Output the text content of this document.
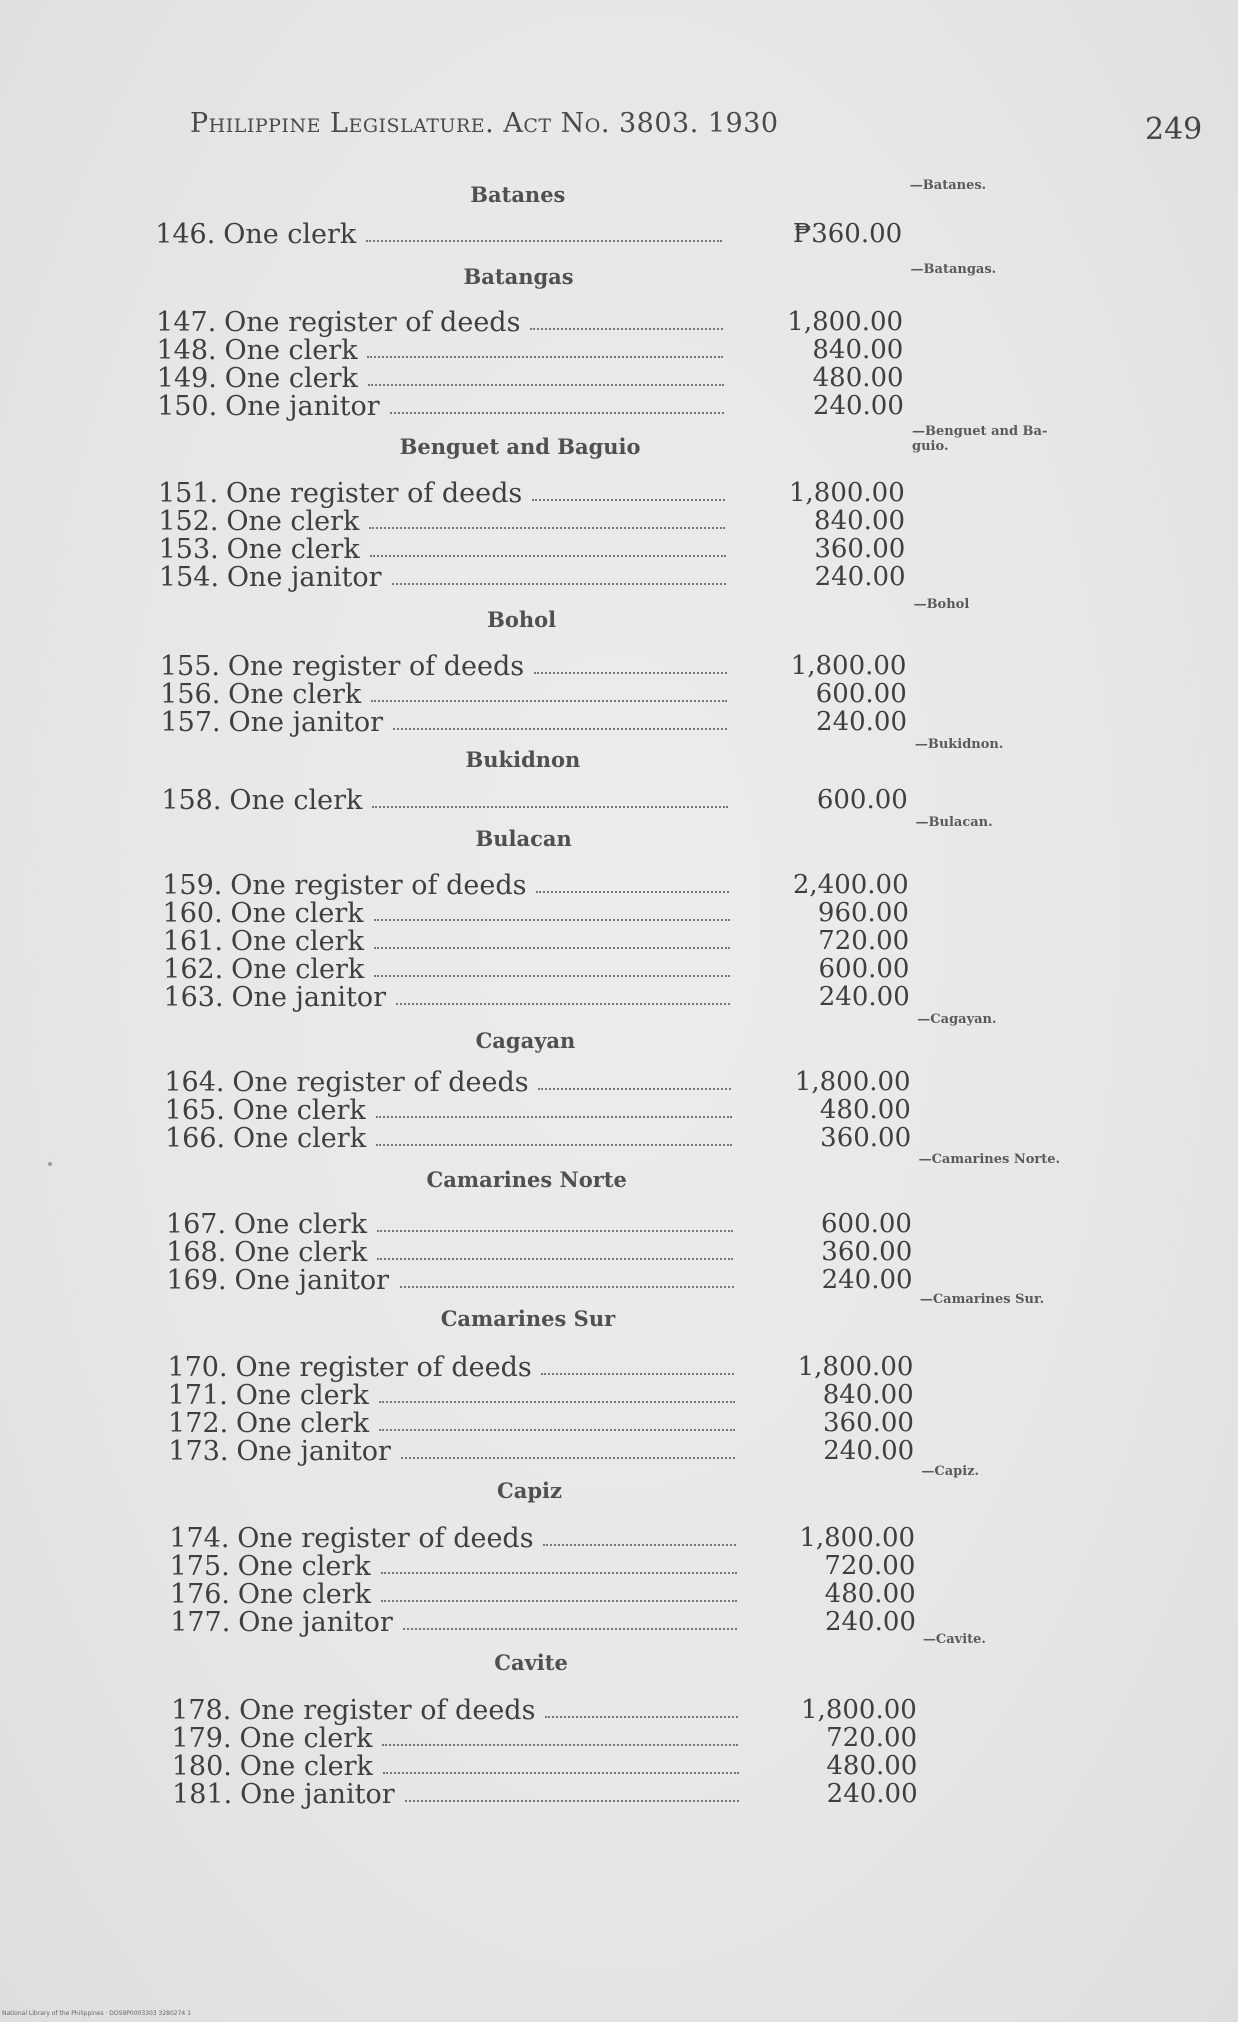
Philippine Legislature. Act No. 3803. 1930	249
Batanes	—Batanes.
146. One clerk	₱360.00
Batangas	—Batangas.
147. One register of deeds	1,800.00
148. One clerk	840.00
149. One clerk	480.00
150. One janitor	240.00
Benguet and Baguio
—Benguet and Ba-
guio.
151. One register of deeds	1,800.00
152. One clerk	840.00
153. One clerk	360.00
154. One janitor	240.00
Bohol
—Bohol
155. One register of deeds	1,800.00
156. One clerk	600.00
157. One janitor	240.00
Bukidnon
—Bukidnon.
158. One clerk	600.00
Bulacan
—Bulacan.
159. One register of deeds	2,400.00
160. One clerk	960.00
161. One clerk	720.00
162. One clerk	600.00
163. One janitor	240.00
Cagayan
—Cagayan.
164. One register of deeds	1,800.00
165. One clerk	480.00
166. One clerk	360.00
Camarines Norte
—Camarines Norte.
167. One clerk	600.00
168. One clerk	360.00
169. One janitor	240.00
Camarines Sur
—Camarines Sur.
170. One register of deeds	1,800.00
171. One clerk	840.00
172. One clerk	360.00
173. One janitor	240.00
Capiz
—Capiz.
174. One register of deeds	1,800.00
175. One clerk	720.00
176. One clerk	480.00
177. One janitor	240.00
Cavite
—Cavite.
178. One register of deeds	1,800.00
179. One clerk	720.00
180. One clerk	480.00
181. One janitor	240.00
National Library of the Philippines · DOS9P0003303 3280274 1
